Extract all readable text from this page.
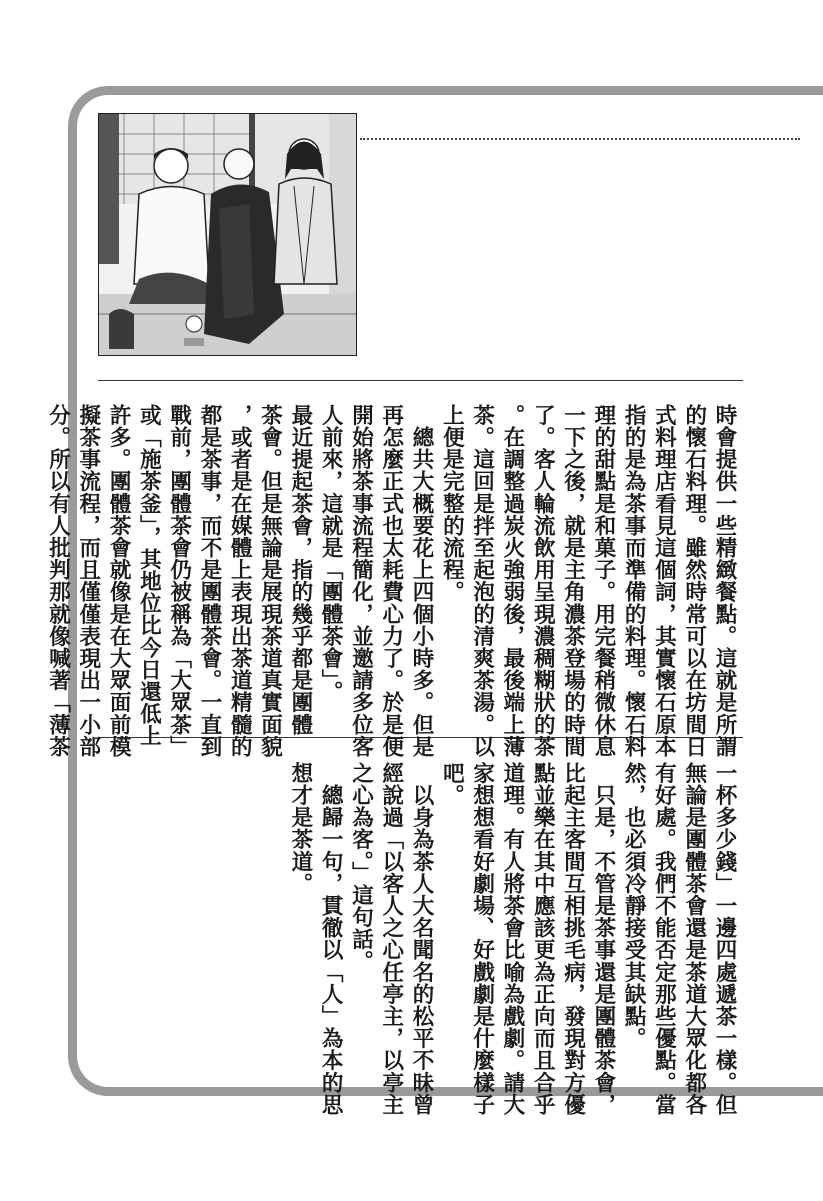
時會提供一些精緻餐點。這就是所謂
的懷石料理。雖然時常可以在坊間日
式料理店看見這個詞，其實懷石原本
指的是為茶事而準備的料理。懷石料
理的甜點是和菓子。用完餐稍微休息
一下之後，就是主角濃茶登場的時間
了。客人輪流飲用呈現濃稠糊狀的茶
。在調整過炭火強弱後，最後端上薄
茶。這回是拌至起泡的清爽茶湯。以
上便是完整的流程。
　總共大概要花上四個小時多。但是
再怎麼正式也太耗費心力了。於是便
開始將茶事流程簡化，並邀請多位客
人前來，這就是「團體茶會」。
最近提起茶會，指的幾乎都是團體
茶會。但是無論是展現茶道真實面貌
，或者是在媒體上表現出茶道精髓的
都是茶事，而不是團體茶會。一直到
戰前，團體茶會仍被稱為「大眾茶」
或「施茶釜」，其地位比今日還低上
許多。團體茶會就像是在大眾面前模
擬茶事流程，而且僅僅表現出一小部
分。所以有人批判那就像喊著「薄茶
一杯多少錢」一邊四處遞茶一樣。但
無論是團體茶會還是茶道大眾化都各
有好處。我們不能否定那些優點。當
然，也必須冷靜接受其缺點。
　只是，不管是茶事還是團體茶會，
比起主客間互相挑毛病，發現對方優
點並樂在其中應該更為正向而且合乎
道理。有人將茶會比喻為戲劇。請大
家想想看好劇場、好戲劇是什麼樣子
吧。
　以身為茶人大名聞名的松平不昧曾
經說過「以客人之心任亭主，以亭主
之心為客。」這句話。
　總歸一句，貫徹以「人」為本的思
想才是茶道。
